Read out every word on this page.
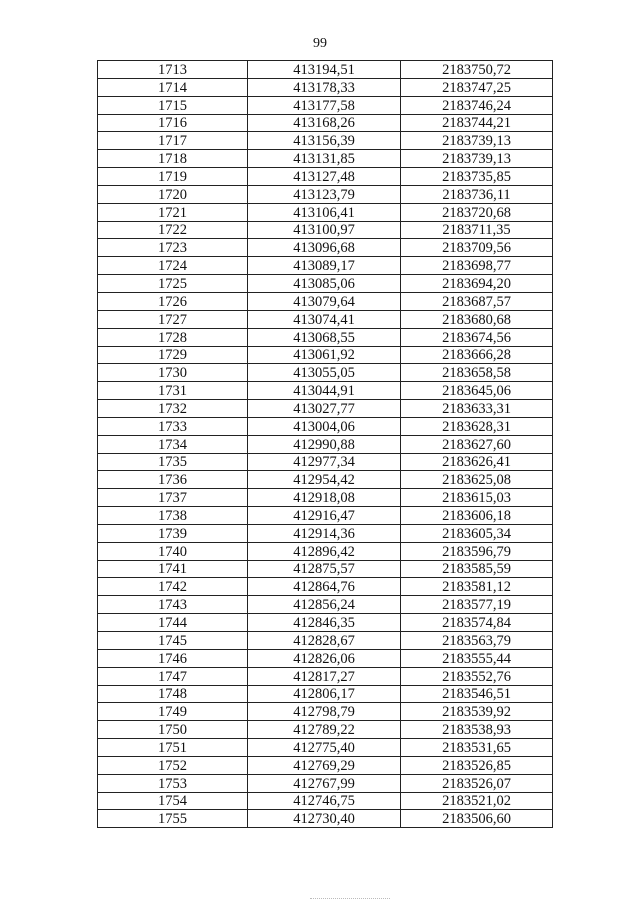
99
1713	413194,51	2183750,72
1714	413178,33	2183747,25
1715	413177,58	2183746,24
1716	413168,26	2183744,21
1717	413156,39	2183739,13
1718	413131,85	2183739,13
1719	413127,48	2183735,85
1720	413123,79	2183736,11
1721	413106,41	2183720,68
1722	413100,97	2183711,35
1723	413096,68	2183709,56
1724	413089,17	2183698,77
1725	413085,06	2183694,20
1726	413079,64	2183687,57
1727	413074,41	2183680,68
1728	413068,55	2183674,56
1729	413061,92	2183666,28
1730	413055,05	2183658,58
1731	413044,91	2183645,06
1732	413027,77	2183633,31
1733	413004,06	2183628,31
1734	412990,88	2183627,60
1735	412977,34	2183626,41
1736	412954,42	2183625,08
1737	412918,08	2183615,03
1738	412916,47	2183606,18
1739	412914,36	2183605,34
1740	412896,42	2183596,79
1741	412875,57	2183585,59
1742	412864,76	2183581,12
1743	412856,24	2183577,19
1744	412846,35	2183574,84
1745	412828,67	2183563,79
1746	412826,06	2183555,44
1747	412817,27	2183552,76
1748	412806,17	2183546,51
1749	412798,79	2183539,92
1750	412789,22	2183538,93
1751	412775,40	2183531,65
1752	412769,29	2183526,85
1753	412767,99	2183526,07
1754	412746,75	2183521,02
1755	412730,40	2183506,60
